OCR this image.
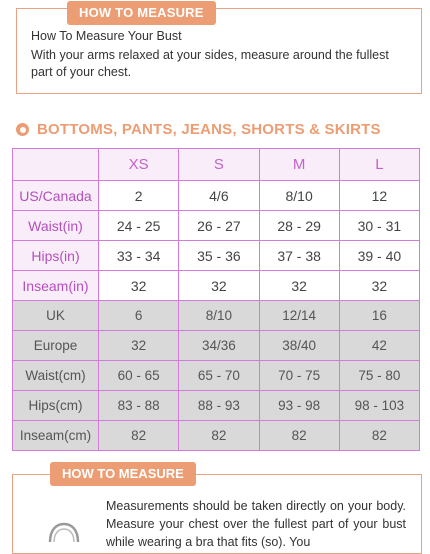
HOW TO MEASURE
How To Measure Your Bust
With your arms relaxed at your sides, measure around the fullest part of your chest.
BOTTOMS, PANTS, JEANS, SHORTS & SKIRTS
	XS	S	M	L
US/Canada	2	4/6	8/10	12
Waist(in)	24 - 25	26 - 27	28 - 29	30 - 31
Hips(in)	33 - 34	35 - 36	37 - 38	39 - 40
Inseam(in)	32	32	32	32
UK	6	8/10	12/14	16
Europe	32	34/36	38/40	42
Waist(cm)	60 - 65	65 - 70	70 - 75	75 - 80
Hips(cm)	83 - 88	88 - 93	93 - 98	98 - 103
Inseam(cm)	82	82	82	82
HOW TO MEASURE
Measurements should be taken directly on your body. Measure your chest over the fullest part of your bust while wearing a bra that fits (so). You
